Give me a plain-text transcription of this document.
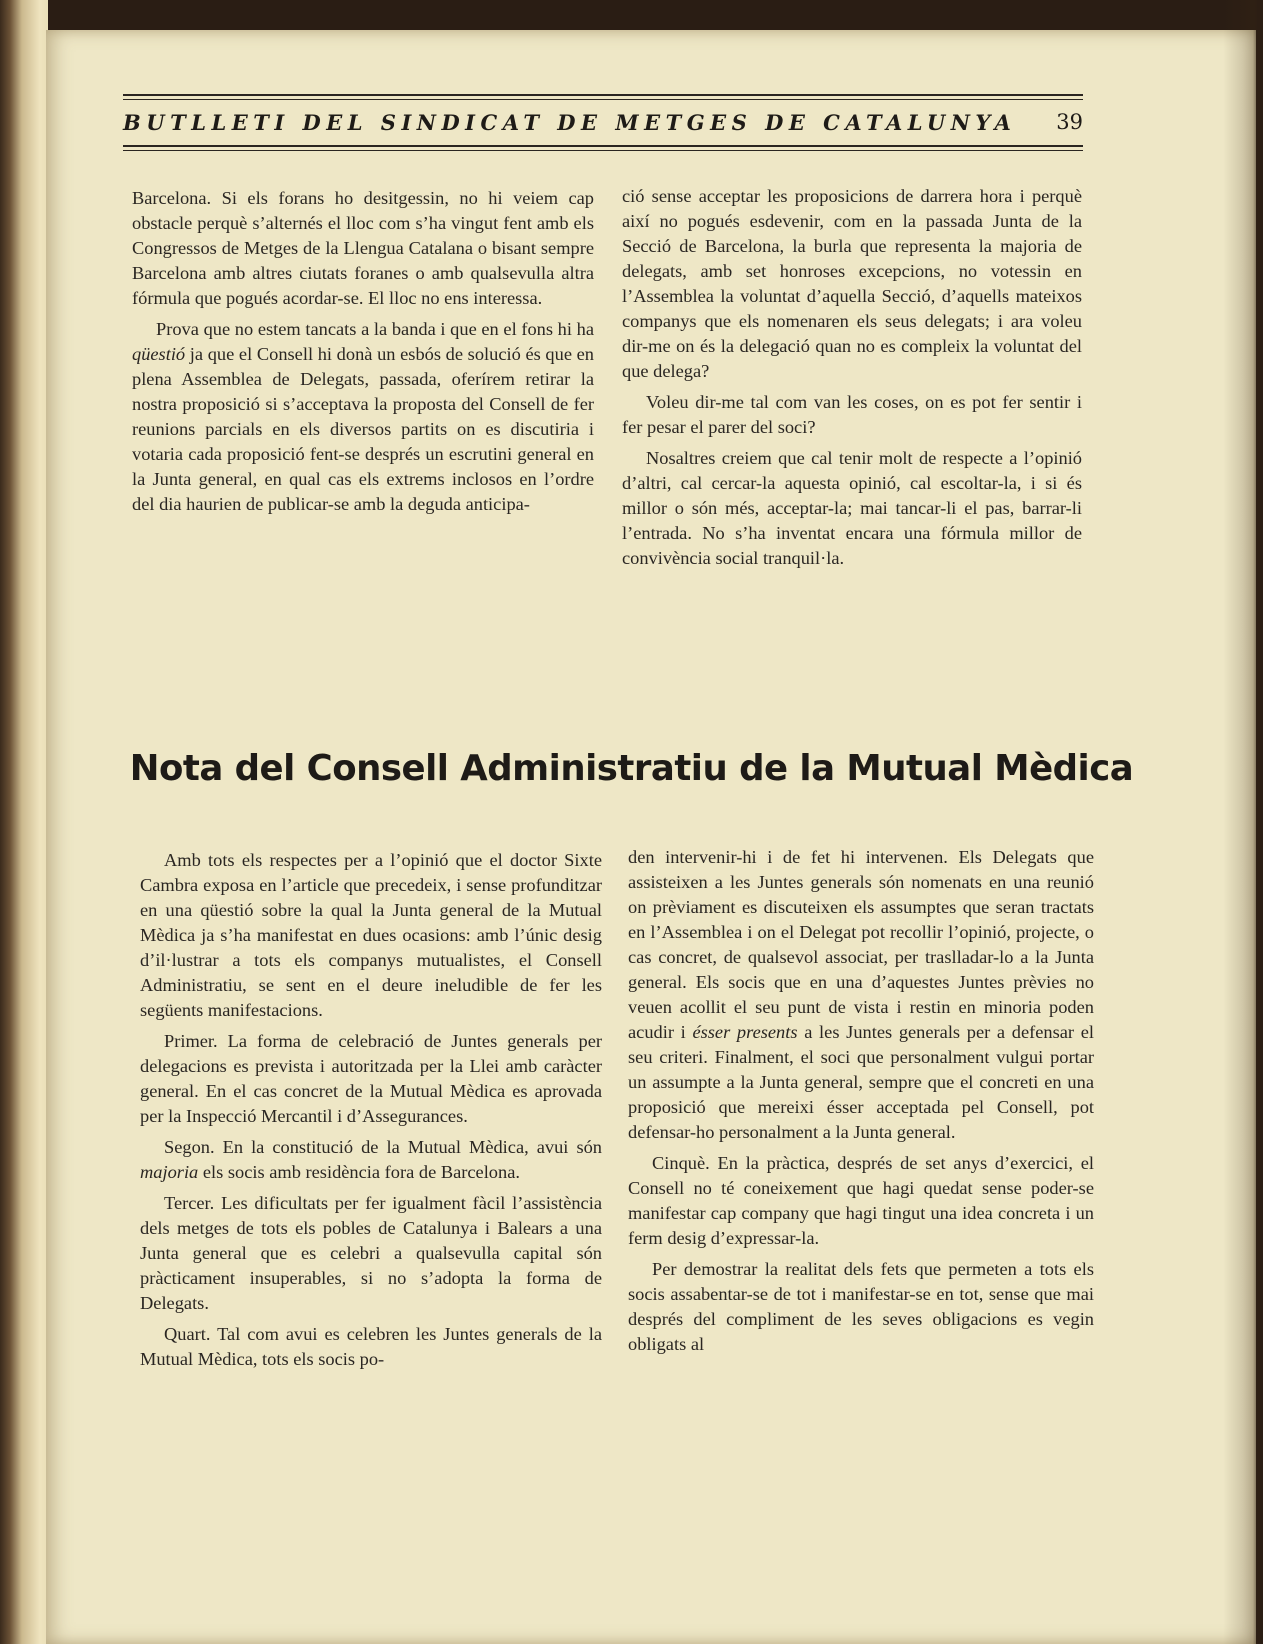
BUTLLETI DEL SINDICAT DE METGES DE CATALUNYA 39

Barcelona. Si els forans ho desitgessin, no hi veiem cap obstacle perquè s’alternés el lloc com s’ha vingut fent amb els Congressos de Metges de la Llengua Catalana o bisant sempre Barcelona amb altres ciutats foranes o amb qualsevulla altra fórmula que pogués acordar-se. El lloc no ens interessa.

Prova que no estem tancats a la banda i que en el fons hi ha qüestió ja que el Consell hi donà un esbós de solució és que en plena Assemblea de Delegats, passada, oferírem retirar la nostra proposició si s’acceptava la proposta del Consell de fer reunions parcials en els diversos partits on es discutiria i votaria cada proposició fent-se després un escrutini general en la Junta general, en qual cas els extrems inclosos en l’ordre del dia haurien de publicar-se amb la deguda anticipa-

ció sense acceptar les proposicions de darrera hora i perquè així no pogués esdevenir, com en la passada Junta de la Secció de Barcelona, la burla que representa la majoria de delegats, amb set honroses excepcions, no votessin en l’Assemblea la voluntat d’aquella Secció, d’aquells mateixos companys que els nomenaren els seus delegats; i ara voleu dir-me on és la delegació quan no es compleix la voluntat del que delega?

Voleu dir-me tal com van les coses, on es pot fer sentir i fer pesar el parer del soci?

Nosaltres creiem que cal tenir molt de respecte a l’opinió d’altri, cal cercar-la aquesta opinió, cal escoltar-la, i si és millor o són més, acceptar-la; mai tancar-li el pas, barrar-li l’entrada. No s’ha inventat encara una fórmula millor de convivència social tranquil·la.

Nota del Consell Administratiu de la Mutual Mèdica

Amb tots els respectes per a l’opinió que el doctor Sixte Cambra exposa en l’article que precedeix, i sense profunditzar en una qüestió sobre la qual la Junta general de la Mutual Mèdica ja s’ha manifestat en dues ocasions: amb l’únic desig d’il·lustrar a tots els companys mutualistes, el Consell Administratiu, se sent en el deure ineludible de fer les següents manifestacions.

Primer. La forma de celebració de Juntes generals per delegacions es prevista i autoritzada per la Llei amb caràcter general. En el cas concret de la Mutual Mèdica es aprovada per la Inspecció Mercantil i d’Assegurances.

Segon. En la constitució de la Mutual Mèdica, avui són majoria els socis amb residència fora de Barcelona.

Tercer. Les dificultats per fer igualment fàcil l’assistència dels metges de tots els pobles de Catalunya i Balears a una Junta general que es celebri a qualsevulla capital són pràcticament insuperables, si no s’adopta la forma de Delegats.

Quart. Tal com avui es celebren les Juntes generals de la Mutual Mèdica, tots els socis po-

den intervenir-hi i de fet hi intervenen. Els Delegats que assisteixen a les Juntes generals són nomenats en una reunió on prèviament es discuteixen els assumptes que seran tractats en l’Assemblea i on el Delegat pot recollir l’opinió, projecte, o cas concret, de qualsevol associat, per traslladar-lo a la Junta general. Els socis que en una d’aquestes Juntes prèvies no veuen acollit el seu punt de vista i restin en minoria poden acudir i ésser presents a les Juntes generals per a defensar el seu criteri. Finalment, el soci que personalment vulgui portar un assumpte a la Junta general, sempre que el concreti en una proposició que mereixi ésser acceptada pel Consell, pot defensar-ho personalment a la Junta general.

Cinquè. En la pràctica, després de set anys d’exercici, el Consell no té coneixement que hagi quedat sense poder-se manifestar cap company que hagi tingut una idea concreta i un ferm desig d’expressar-la.

Per demostrar la realitat dels fets que permeten a tots els socis assabentar-se de tot i manifestar-se en tot, sense que mai després del compliment de les seves obligacions es vegin obligats al
